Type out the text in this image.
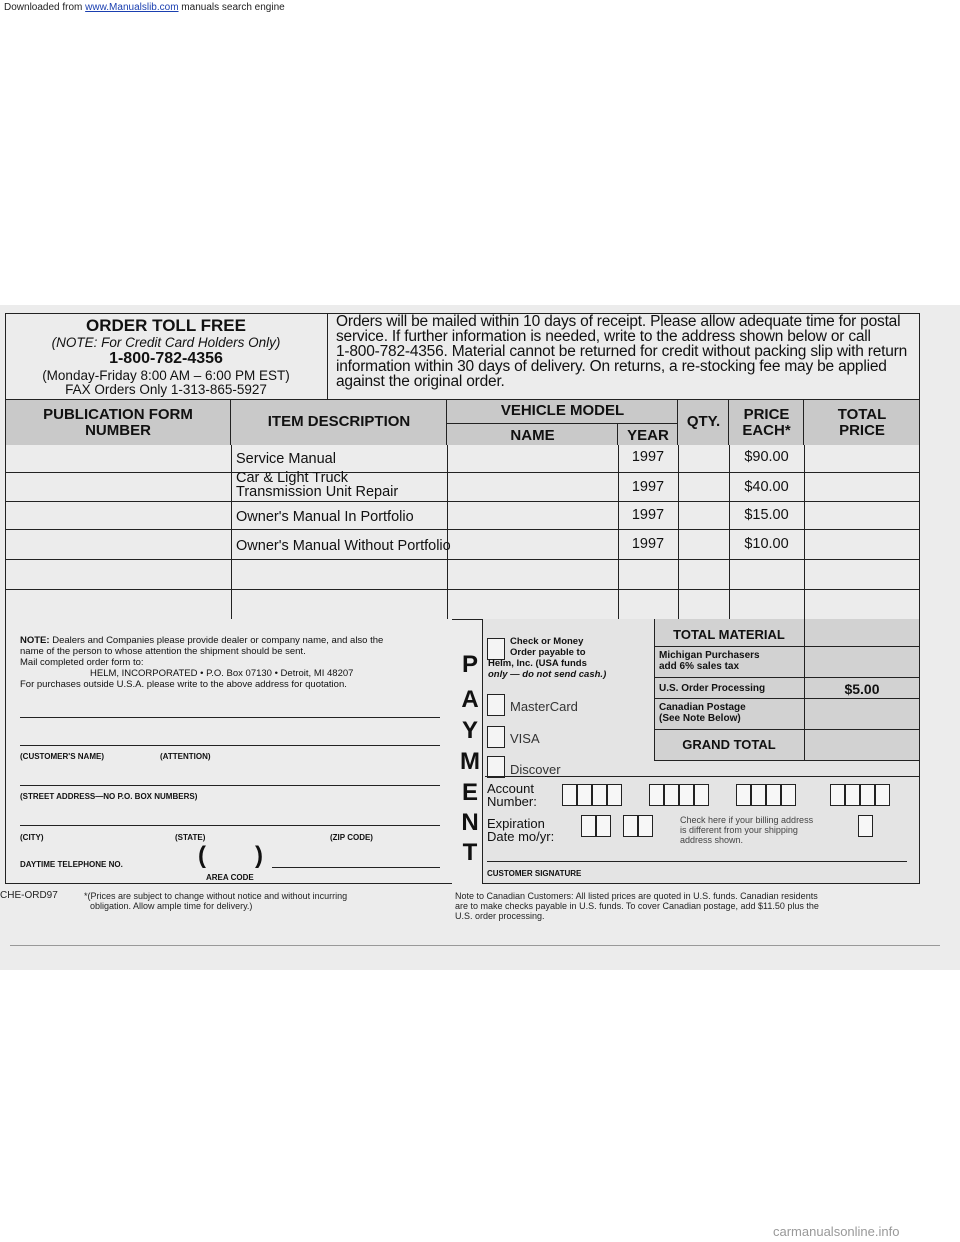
Downloaded from www.Manualslib.com manuals search engine
ORDER TOLL FREE
(NOTE: For Credit Card Holders Only)
1-800-782-4356
(Monday-Friday 8:00 AM – 6:00 PM EST)
FAX Orders Only 1-313-865-5927
Orders will be mailed within 10 days of receipt. Please allow adequate time for postal
service. If further information is needed, write to the address shown below or call
1-800-782-4356. Material cannot be returned for credit without packing slip with return
information within 30 days of delivery. On returns, a re-stocking fee may be applied
against the original order.
PUBLICATION FORM
NUMBER
ITEM DESCRIPTION
VEHICLE MODEL
NAME	YEAR
QTY.	PRICE
EACH*
TOTAL
PRICE
Service Manual	1997	$90.00
Car & Light Truck
Transmission Unit Repair	1997	$40.00
Owner's Manual In Portfolio	1997	$15.00
Owner's Manual Without Portfolio	1997	$10.00
NOTE: Dealers and Companies please provide dealer or company name, and also the
name of the person to whose attention the shipment should be sent.
Mail completed order form to:
HELM, INCORPORATED • P.O. Box 07130 • Detroit, MI 48207
For purchases outside U.S.A. please write to the above address for quotation.
(CUSTOMER'S NAME)	(ATTENTION)
(STREET ADDRESS—NO P.O. BOX NUMBERS)
(CITY)	(STATE)	(ZIP CODE)
DAYTIME TELEPHONE NO.	( )
AREA CODE
P
A
Y
M
E
N
T
Check or Money
Order payable to
Helm, Inc. (USA funds
only — do not send cash.)
MasterCard
VISA
Discover
Account
Number:
Expiration
Date mo/yr:
Check here if your billing address
is different from your shipping
address shown.
CUSTOMER SIGNATURE
TOTAL MATERIAL
Michigan Purchasers
add 6% sales tax
U.S. Order Processing	$5.00
Canadian Postage
(See Note Below)
GRAND TOTAL
CHE-ORD97	*(Prices are subject to change without notice and without incurring
obligation. Allow ample time for delivery.)
Note to Canadian Customers: All listed prices are quoted in U.S. funds. Canadian residents
are to make checks payable in U.S. funds. To cover Canadian postage, add $11.50 plus the
U.S. order processing.
carmanualsonline.info
